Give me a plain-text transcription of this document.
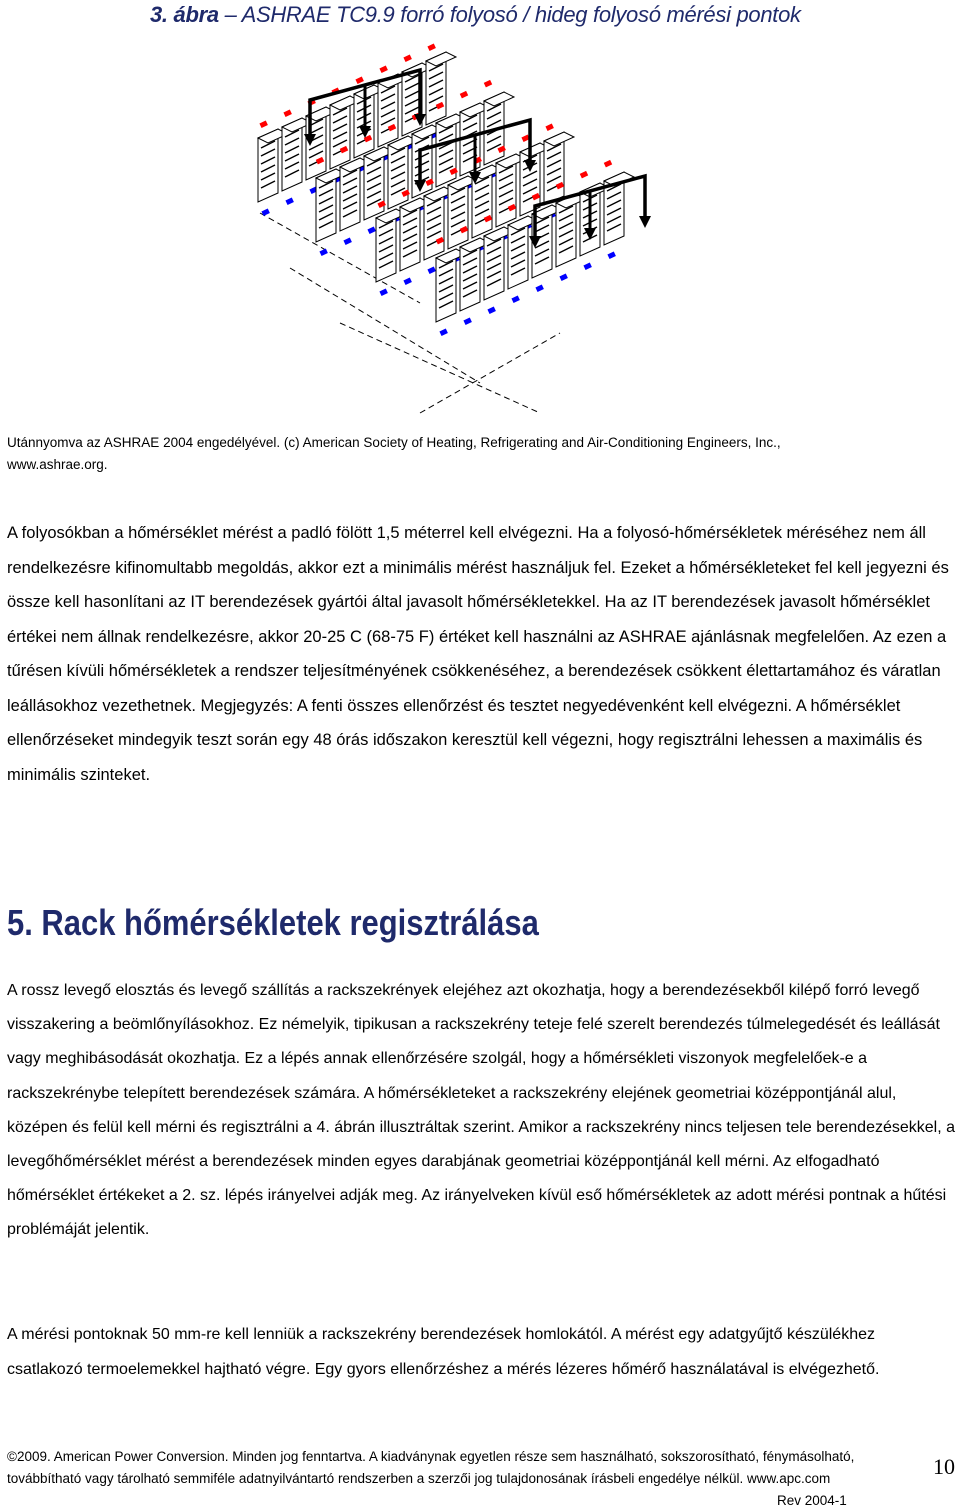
3. ábra – ASHRAE TC9.9 forró folyosó / hideg folyosó mérési pontok
Utánnyomva az ASHRAE 2004 engedélyével. (c) American Society of Heating, Refrigerating and Air-Conditioning Engineers, Inc.,
www.ashrae.org.
A folyosókban a hőmérséklet mérést a padló fölött 1,5 méterrel kell elvégezni. Ha a folyosó-hőmérsékletek méréséhez nem áll rendelkezésre kifinomultabb megoldás, akkor ezt a minimális mérést használjuk fel. Ezeket a hőmérsékleteket fel kell jegyezni és össze kell hasonlítani az IT berendezések gyártói által javasolt hőmérsékletekkel. Ha az IT berendezések javasolt hőmérséklet értékei nem állnak rendelkezésre, akkor 20-25 C (68-75 F) értéket kell használni az ASHRAE ajánlásnak megfelelően. Az ezen a tűrésen kívüli hőmérsékletek a rendszer teljesítményének csökkenéséhez, a berendezések csökkent élettartamához és váratlan leállásokhoz vezethetnek. Megjegyzés: A fenti összes ellenőrzést és tesztet negyedévenként kell elvégezni. A hőmérséklet ellenőrzéseket mindegyik teszt során egy 48 órás időszakon keresztül kell végezni, hogy regisztrálni lehessen a maximális és minimális szinteket.
5. Rack hőmérsékletek regisztrálása
A rossz levegő elosztás és levegő szállítás a rackszekrények elejéhez azt okozhatja, hogy a berendezésekből kilépő forró levegő visszakering a beömlőnyílásokhoz. Ez némelyik, tipikusan a rackszekrény teteje felé szerelt berendezés túlmelegedését és leállását vagy meghibásodását okozhatja. Ez a lépés annak ellenőrzésére szolgál, hogy a hőmérsékleti viszonyok megfelelőek-e a rackszekrénybe telepített berendezések számára. A hőmérsékleteket a rackszekrény elejének geometriai középpontjánál alul, középen és felül kell mérni és regisztrálni a 4. ábrán illusztráltak szerint. Amikor a rackszekrény nincs teljesen tele berendezésekkel, a levegőhőmérséklet mérést a berendezések minden egyes darabjának geometriai középpontjánál kell mérni. Az elfogadható hőmérséklet értékeket a 2. sz. lépés irányelvei adják meg. Az irányelveken kívül eső hőmérsékletek az adott mérési pontnak a hűtési problémáját jelentik.
A mérési pontoknak 50 mm-re kell lenniük a rackszekrény berendezések homlokától. A mérést egy adatgyűjtő készülékhez csatlakozó termoelemekkel hajtható végre. Egy gyors ellenőrzéshez a mérés lézeres hőmérő használatával is elvégezhető.
©2009. American Power Conversion. Minden jog fenntartva. A kiadványnak egyetlen része sem használható, sokszorosítható, fénymásolható, továbbítható vagy tárolható semmiféle adatnyilvántartó rendszerben a szerzői jog tulajdonosának írásbeli engedélye nélkül. www.apc.com
Rev 2004-1
10
